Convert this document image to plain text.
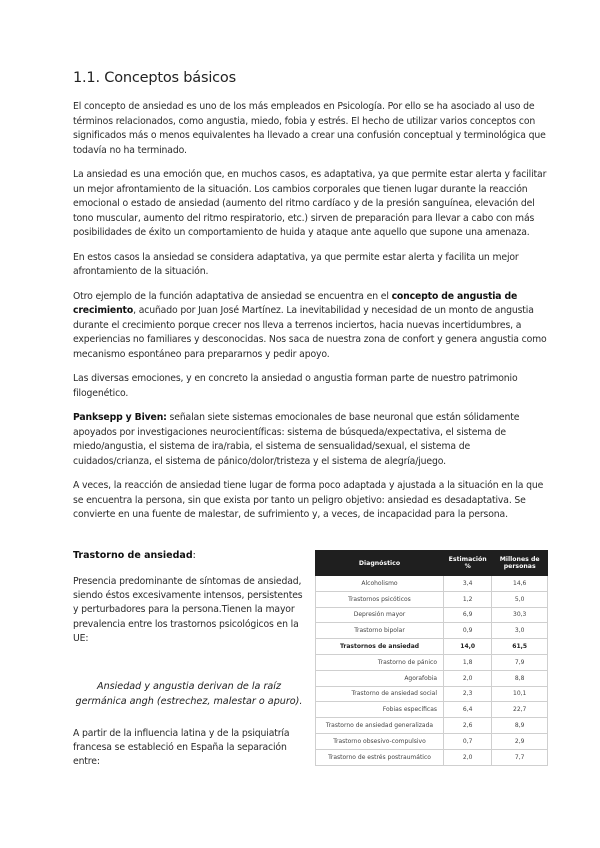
1.1. Conceptos básicos

El concepto de ansiedad es uno de los más empleados en Psicología. Por ello se ha asociado al uso de términos relacionados, como angustia, miedo, fobia y estrés. El hecho de utilizar varios conceptos con significados más o menos equivalentes ha llevado a crear una confusión conceptual y terminológica que todavía no ha terminado.

La ansiedad es una emoción que, en muchos casos, es adaptativa, ya que permite estar alerta y facilitar un mejor afrontamiento de la situación. Los cambios corporales que tienen lugar durante la reacción emocional o estado de ansiedad (aumento del ritmo cardíaco y de la presión sanguínea, elevación del tono muscular, aumento del ritmo respiratorio, etc.) sirven de preparación para llevar a cabo con más posibilidades de éxito un comportamiento de huida y ataque ante aquello que supone una amenaza.

En estos casos la ansiedad se considera adaptativa, ya que permite estar alerta y facilita un mejor afrontamiento de la situación.

Otro ejemplo de la función adaptativa de ansiedad se encuentra en el concepto de angustia de crecimiento, acuñado por Juan José Martínez. La inevitabilidad y necesidad de un monto de angustia durante el crecimiento porque crecer nos lleva a terrenos inciertos, hacia nuevas incertidumbres, a experiencias no familiares y desconocidas. Nos saca de nuestra zona de confort y genera angustia como mecanismo espontáneo para prepararnos y pedir apoyo.

Las diversas emociones, y en concreto la ansiedad o angustia forman parte de nuestro patrimonio filogenético.

Panksepp y Biven: señalan siete sistemas emocionales de base neuronal que están sólidamente apoyados por investigaciones neurocientíficas: sistema de búsqueda/expectativa, el sistema de miedo/angustia, el sistema de ira/rabia, el sistema de sensualidad/sexual, el sistema de cuidados/crianza, el sistema de pánico/dolor/tristeza y el sistema de alegría/juego.

A veces, la reacción de ansiedad tiene lugar de forma poco adaptada y ajustada a la situación en la que se encuentra la persona, sin que exista por tanto un peligro objetivo: ansiedad es desadaptativa. Se convierte en una fuente de malestar, de sufrimiento y, a veces, de incapacidad para la persona.

Trastorno de ansiedad:

Presencia predominante de síntomas de ansiedad, siendo éstos excesivamente intensos, persistentes y perturbadores para la persona.Tienen la mayor prevalencia entre los trastornos psicológicos en la UE:

Ansiedad y angustia derivan de la raíz germánica angh (estrechez, malestar o apuro).

A partir de la influencia latina y de la psiquiatría francesa se estableció en España la separación entre:

Diagnóstico	Estimación %	Millones de personas
Alcoholismo	3,4	14,6
Trastornos psicóticos	1,2	5,0
Depresión mayor	6,9	30,3
Trastorno bipolar	0,9	3,0
Trastornos de ansiedad	14,0	61,5
Trastorno de pánico	1,8	7,9
Agorafobia	2,0	8,8
Trastorno de ansiedad social	2,3	10,1
Fobias específicas	6,4	22,7
Trastorno de ansiedad generalizada	2,6	8,9
Trastorno obsesivo-compulsivo	0,7	2,9
Trastorno de estrés postraumático	2,0	7,7
